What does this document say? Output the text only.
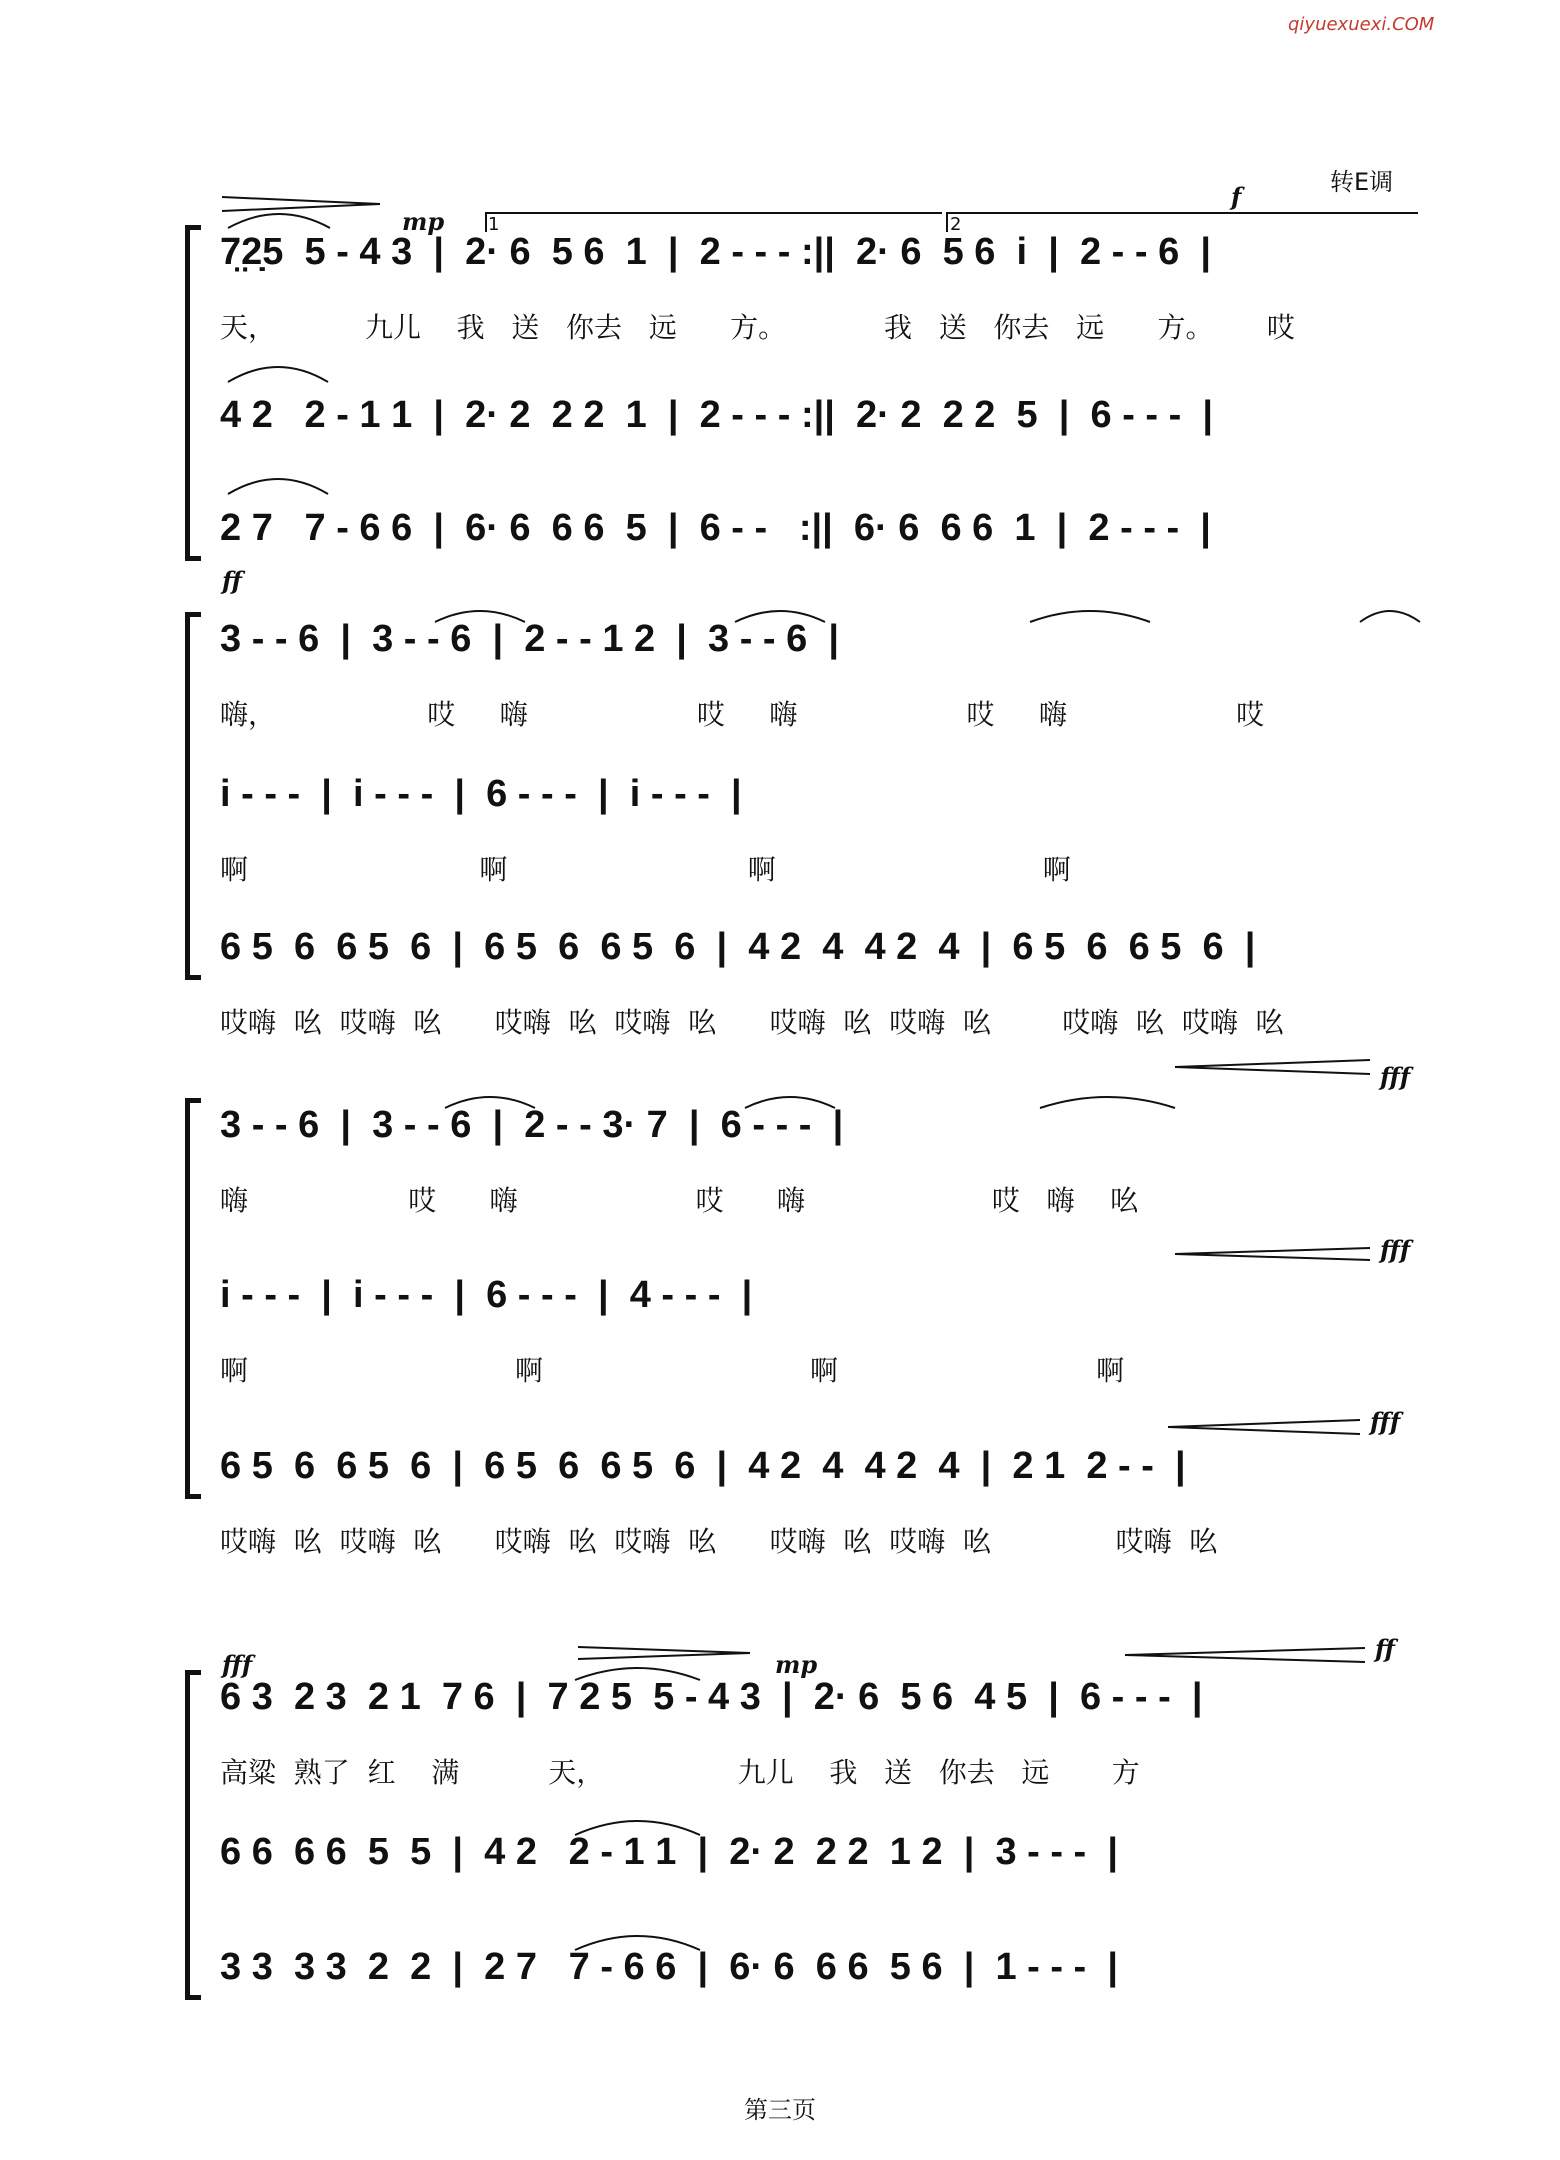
qiyuexuexi.COM
转E调
7̤2̣5  5 - 4 3  |  2· 6  5 6  1  |  2 - - - :||  2· 6  5 6  i  |  2 - - 6  |
天，          九儿    我   送   你去   远      方。           我   送   你去   远      方。      哎
4 2   2 - 1 1  |  2· 2  2 2  1  |  2 - - - :||  2· 2  2 2  5  |  6 - - -  |
2 7   7 - 6 6  |  6· 6  6 6  5  |  6 - -   :||  6· 6  6 6  1  |  2 - - -  |
3 - - 6  |  3 - - 6  |  2 - - 1 2  |  3 - - 6  |
嗨，                 哎     嗨                   哎     嗨                   哎     嗨                   哎
i - - -  |  i - - -  |  6 - - -  |  i - - -  |
啊                          啊                           啊                              啊
6 5  6  6 5  6  |  6 5  6  6 5  6  |  4 2  4  4 2  4  |  6 5  6  6 5  6  |
哎嗨  吆  哎嗨  吆      哎嗨  吆  哎嗨  吆      哎嗨  吆  哎嗨  吆        哎嗨  吆  哎嗨  吆
3 - - 6  |  3 - - 6  |  2 - - 3· 7  |  6 - - -  |
嗨                  哎      嗨                    哎      嗨                     哎   嗨    吆
i - - -  |  i - - -  |  6 - - -  |  4 - - -  |
啊                              啊                              啊                             啊
6 5  6  6 5  6  |  6 5  6  6 5  6  |  4 2  4  4 2  4  |  2 1  2 - -  |
哎嗨  吆  哎嗨  吆      哎嗨  吆  哎嗨  吆      哎嗨  吆  哎嗨  吆              哎嗨  吆
6 3  2 3  2 1  7 6  |  7 2 5  5 - 4 3  |  2· 6  5 6  4 5  |  6 - - -  |
高粱  熟了  红    满          天，               九儿    我   送   你去   远       方
6 6  6 6  5  5  |  4 2   2 - 1 1  |  2· 2  2 2  1 2  |  3 - - -  |
3 3  3 3  2  2  |  2 7   7 - 6 6  |  6· 6  6 6  5 6  |  1 - - -  |
1	2
mp
f
ff
fff
fff
fff
fff	mp
ff
第三页
